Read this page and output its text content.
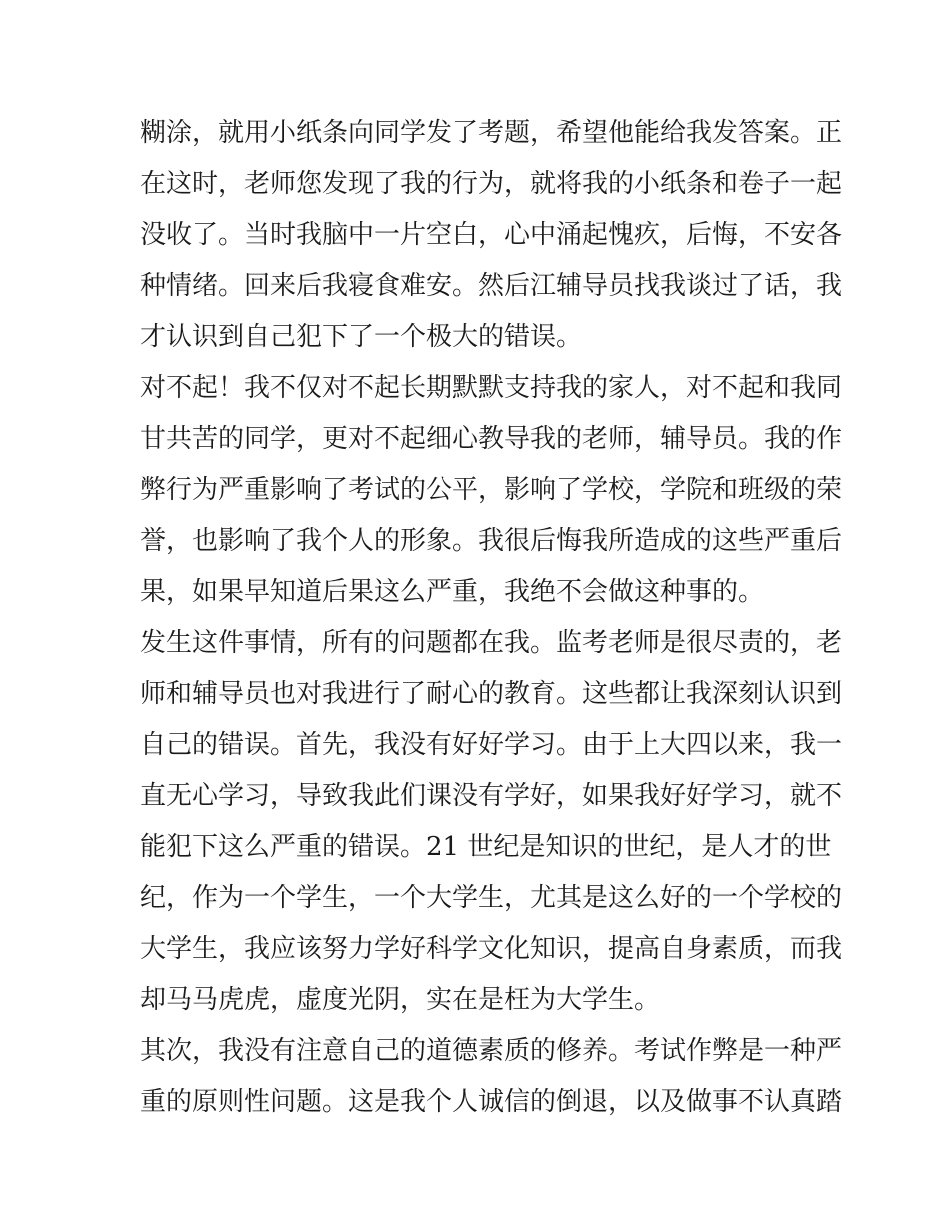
糊涂，就用小纸条向同学发了考题，希望他能给我发答案。正
在这时，老师您发现了我的行为，就将我的小纸条和卷子一起
没收了。当时我脑中一片空白，心中涌起愧疚，后悔，不安各
种情绪。回来后我寝食难安。然后江辅导员找我谈过了话，我
才认识到自己犯下了一个极大的错误。
对不起！我不仅对不起长期默默支持我的家人，对不起和我同
甘共苦的同学，更对不起细心教导我的老师，辅导员。我的作
弊行为严重影响了考试的公平，影响了学校，学院和班级的荣
誉，也影响了我个人的形象。我很后悔我所造成的这些严重后
果，如果早知道后果这么严重，我绝不会做这种事的。
发生这件事情，所有的问题都在我。监考老师是很尽责的，老
师和辅导员也对我进行了耐心的教育。这些都让我深刻认识到
自己的错误。首先，我没有好好学习。由于上大四以来，我一
直无心学习，导致我此们课没有学好，如果我好好学习，就不
能犯下这么严重的错误。21 世纪是知识的世纪，是人才的世
纪，作为一个学生，一个大学生，尤其是这么好的一个学校的
大学生，我应该努力学好科学文化知识，提高自身素质，而我
却马马虎虎，虚度光阴，实在是枉为大学生。
其次，我没有注意自己的道德素质的修养。考试作弊是一种严
重的原则性问题。这是我个人诚信的倒退，以及做事不认真踏
